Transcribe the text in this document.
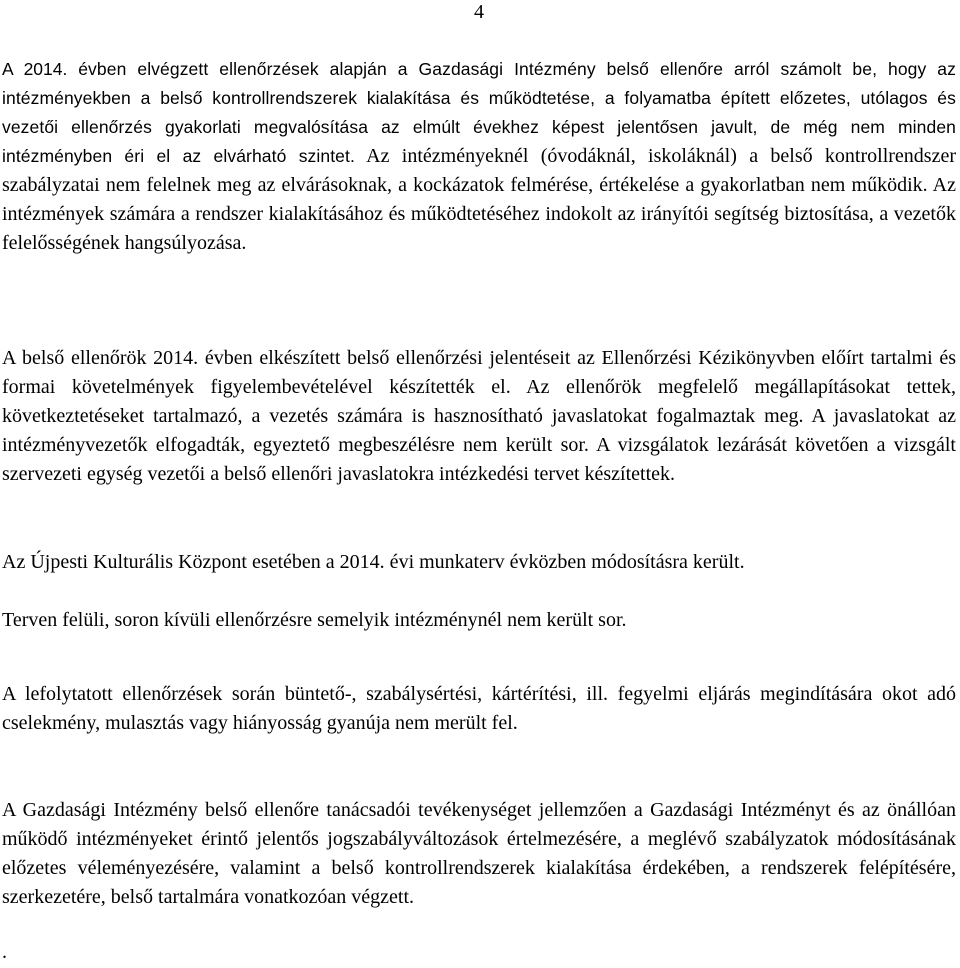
4

A 2014. évben elvégzett ellenőrzések alapján a Gazdasági Intézmény belső ellenőre arról számolt be, hogy az intézményekben a belső kontrollrendszerek kialakítása és működtetése, a folyamatba épített előzetes, utólagos és vezetői ellenőrzés gyakorlati megvalósítása az elmúlt évekhez képest jelentősen javult, de még nem minden intézményben éri el az elvárható szintet. Az intézményeknél (óvodáknál, iskoláknál) a belső kontrollrendszer szabályzatai nem felelnek meg az elvárásoknak, a kockázatok felmérése, értékelése a gyakorlatban nem működik. Az intézmények számára a rendszer kialakításához és működtetéséhez indokolt az irányítói segítség biztosítása, a vezetők felelősségének hangsúlyozása.

A belső ellenőrök 2014. évben elkészített belső ellenőrzési jelentéseit az Ellenőrzési Kézikönyvben előírt tartalmi és formai követelmények figyelembevételével készítették el. Az ellenőrök megfelelő megállapításokat tettek, következtetéseket tartalmazó, a vezetés számára is hasznosítható javaslatokat fogalmaztak meg. A javaslatokat az intézményvezetők elfogadták, egyeztető megbeszélésre nem került sor. A vizsgálatok lezárását követően a vizsgált szervezeti egység vezetői a belső ellenőri javaslatokra intézkedési tervet készítettek.

Az Újpesti Kulturális Központ esetében a 2014. évi munkaterv évközben módosításra került.

Terven felüli, soron kívüli ellenőrzésre semelyik intézménynél nem került sor.

A lefolytatott ellenőrzések során büntető-, szabálysértési, kártérítési, ill. fegyelmi eljárás megindítására okot adó cselekmény, mulasztás vagy hiányosság gyanúja nem merült fel.

A Gazdasági Intézmény belső ellenőre tanácsadói tevékenységet jellemzően a Gazdasági Intézményt és az önállóan működő intézményeket érintő jelentős jogszabályváltozások értelmezésére, a meglévő szabályzatok módosításának előzetes véleményezésére, valamint a belső kontrollrendszerek kialakítása érdekében, a rendszerek felépítésére, szerkezetére, belső tartalmára vonatkozóan végzett.

.
